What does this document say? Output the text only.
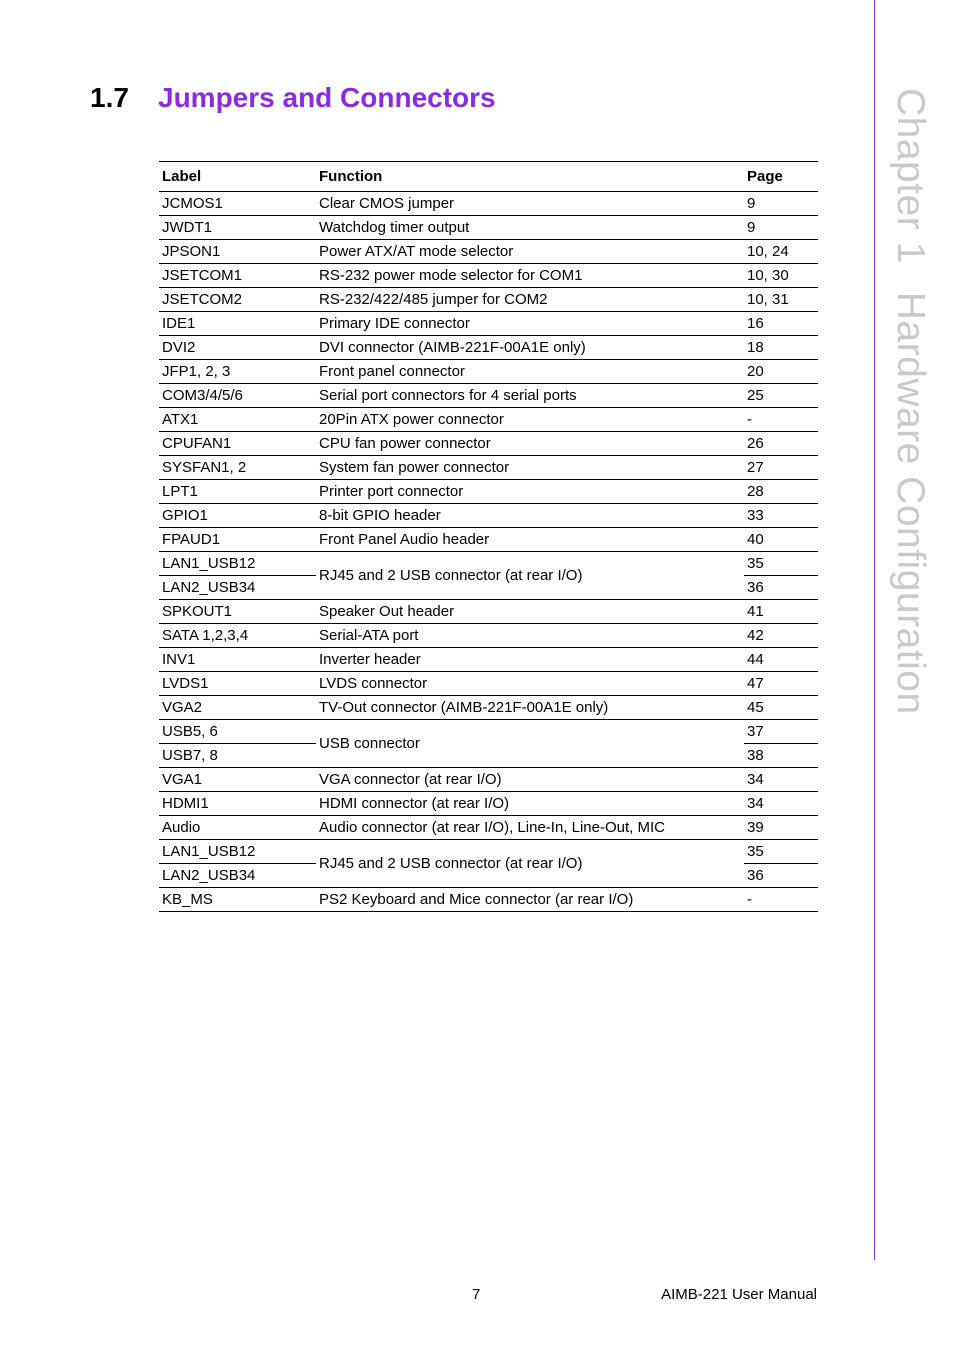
Chapter 1Hardware Configuration
1.7 Jumpers and Connectors
Label	Function	Page
JCMOS1	Clear CMOS jumper	9
JWDT1	Watchdog timer output	9
JPSON1	Power ATX/AT mode selector	10, 24
JSETCOM1	RS-232 power mode selector for COM1	10, 30
JSETCOM2	RS-232/422/485 jumper for COM2	10, 31
IDE1	Primary IDE connector	16
DVI2	DVI connector (AIMB-221F-00A1E only)	18
JFP1, 2, 3	Front panel connector	20
COM3/4/5/6	Serial port connectors for 4 serial ports	25
ATX1	20Pin ATX power connector	-
CPUFAN1	CPU fan power connector	26
SYSFAN1, 2	System fan power connector	27
LPT1	Printer port connector	28
GPIO1	8-bit GPIO header	33
FPAUD1	Front Panel Audio header	40
LAN1_USB12	RJ45 and 2 USB connector (at rear I/O)	35
LAN2_USB34		36
SPKOUT1	Speaker Out header	41
SATA 1,2,3,4	Serial-ATA port	42
INV1	Inverter header	44
LVDS1	LVDS connector	47
VGA2	TV-Out connector (AIMB-221F-00A1E only)	45
USB5, 6	USB connector	37
USB7, 8		38
VGA1	VGA connector (at rear I/O)	34
HDMI1	HDMI connector (at rear I/O)	34
Audio	Audio connector (at rear I/O), Line-In, Line-Out, MIC	39
LAN1_USB12	RJ45 and 2 USB connector (at rear I/O)	35
LAN2_USB34		36
KB_MS	PS2 Keyboard and Mice connector (ar rear I/O)	-
7	AIMB-221 User Manual
